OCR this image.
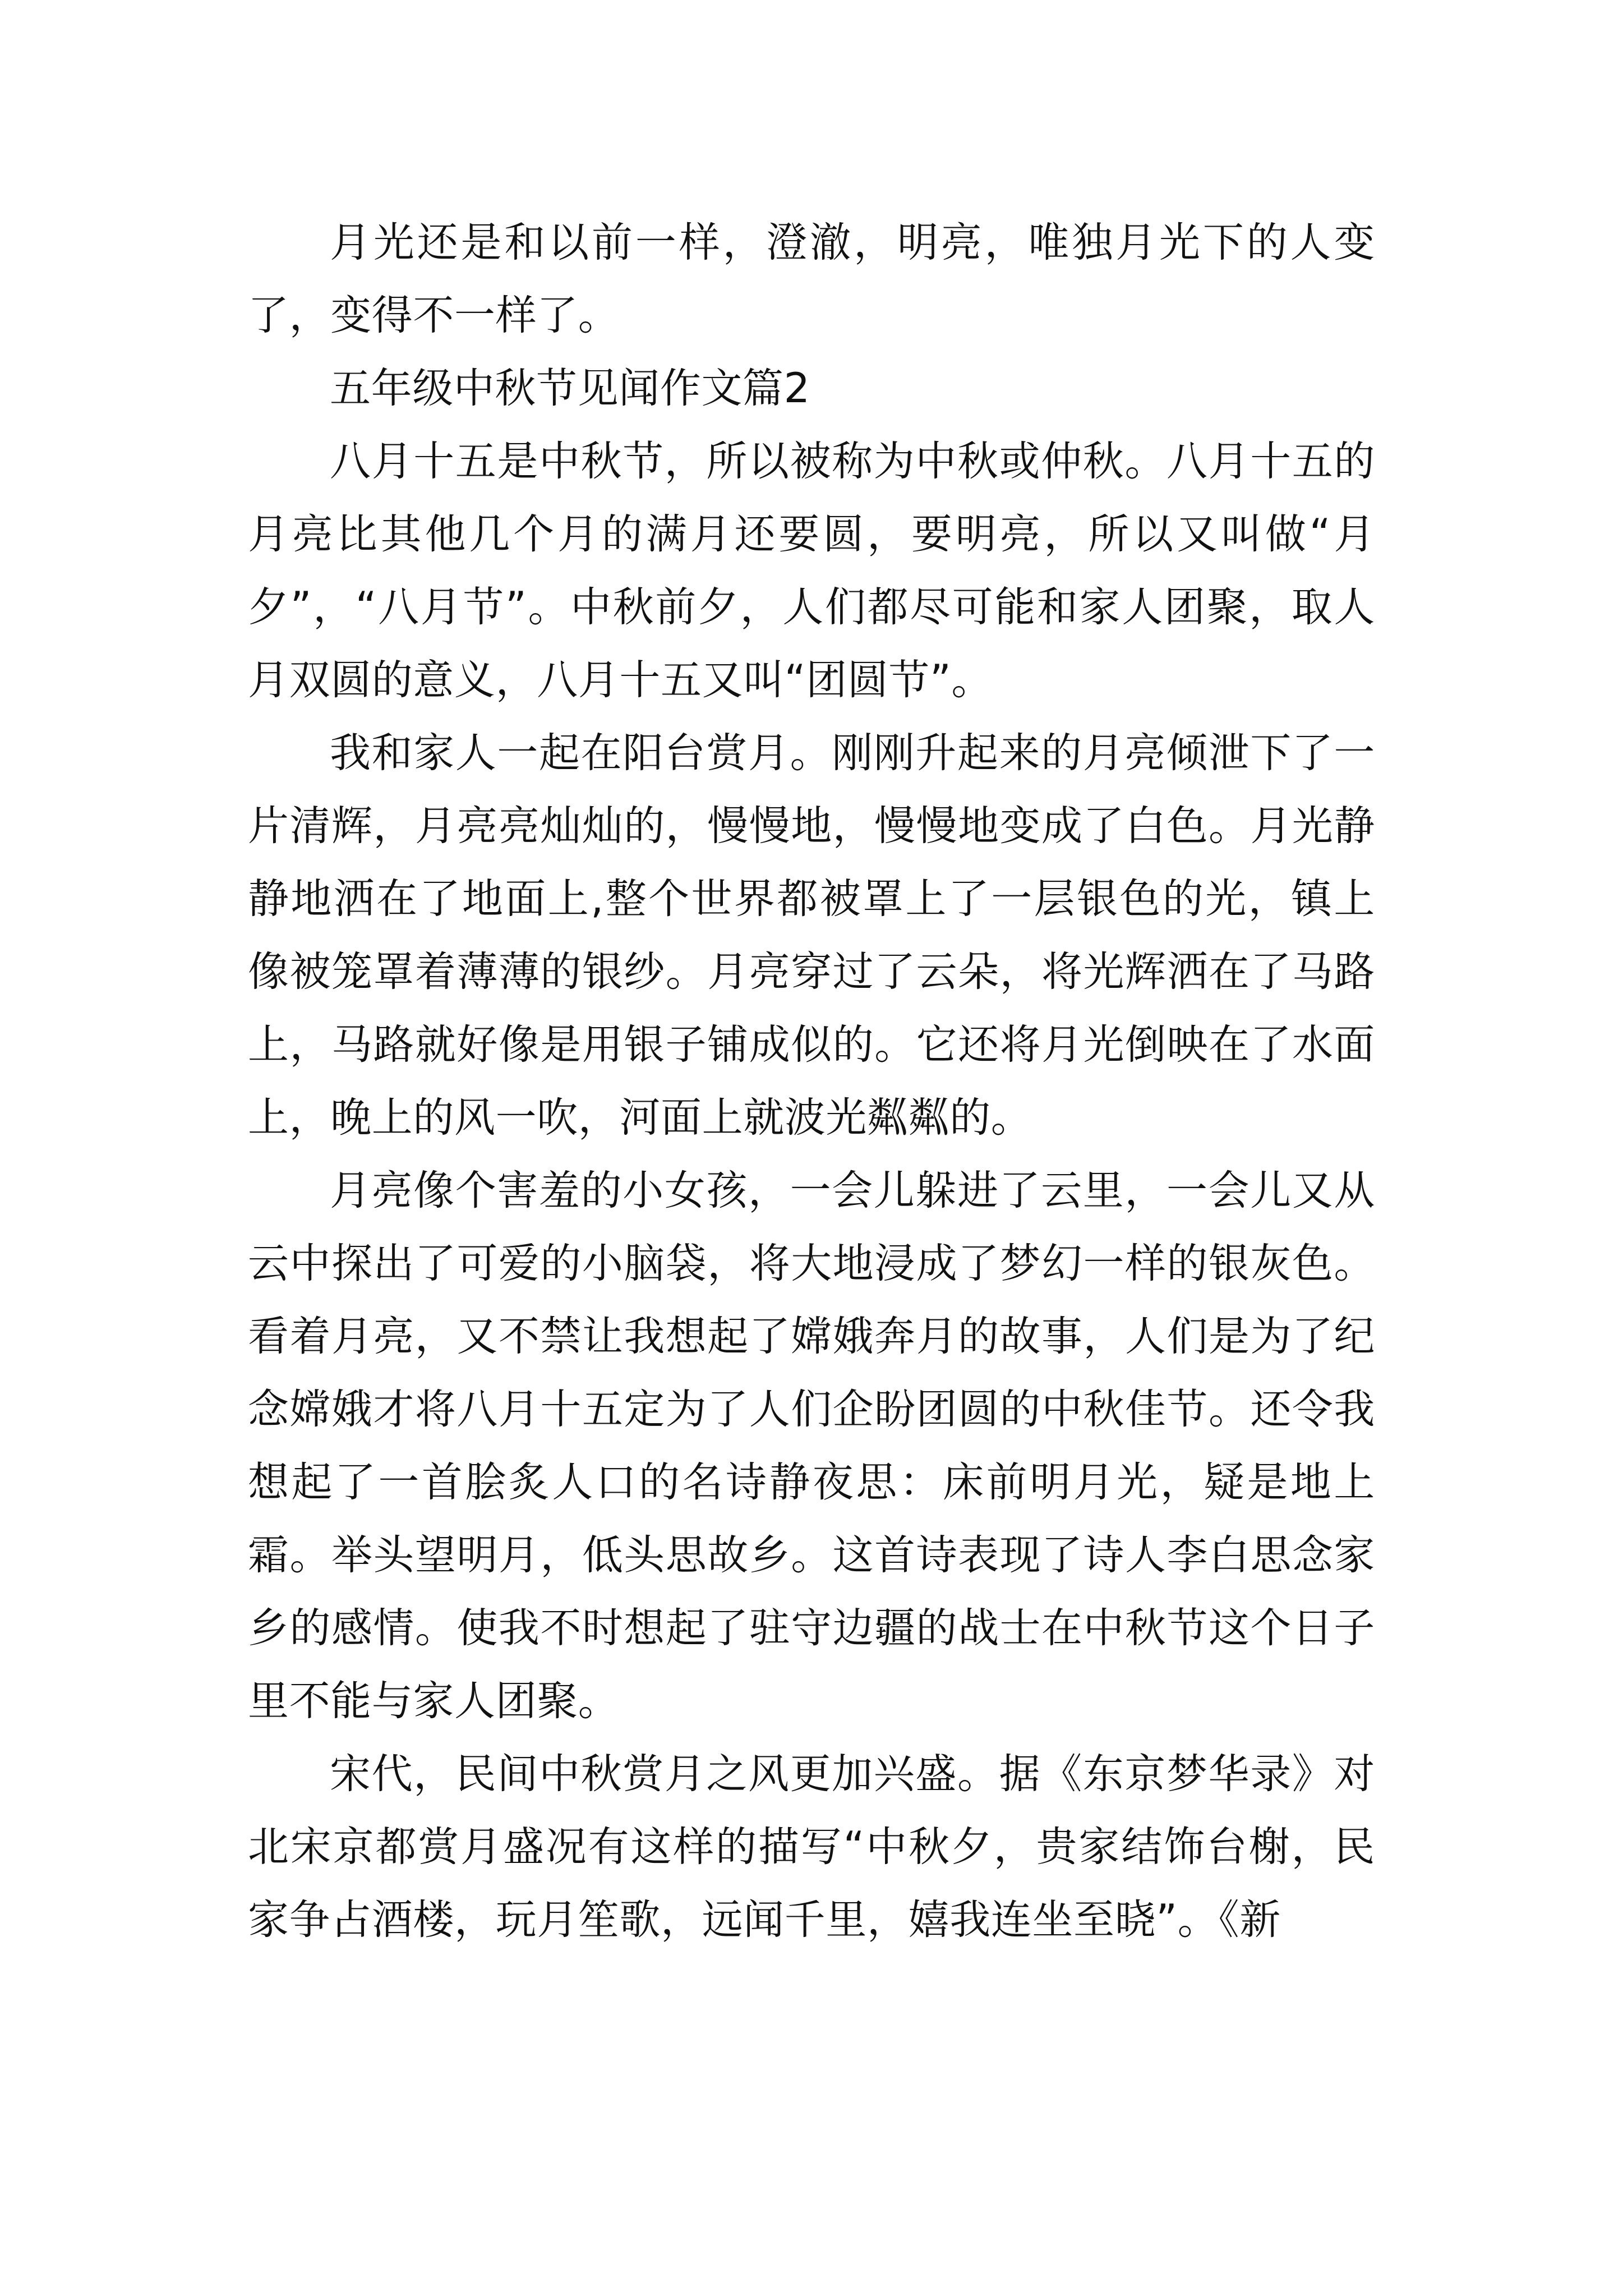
月光还是和以前一样，澄澈，明亮，唯独月光下的人变了，变得不一样了。

五年级中秋节见闻作文篇2

八月十五是中秋节，所以被称为中秋或仲秋。八月十五的月亮比其他几个月的满月还要圆，要明亮，所以又叫做“月夕”，“八月节”。中秋前夕，人们都尽可能和家人团聚，取人月双圆的意义，八月十五又叫“团圆节”。

我和家人一起在阳台赏月。刚刚升起来的月亮倾泄下了一片清辉，月亮亮灿灿的，慢慢地，慢慢地变成了白色。月光静静地洒在了地面上,整个世界都被罩上了一层银色的光，镇上像被笼罩着薄薄的银纱。月亮穿过了云朵，将光辉洒在了马路上，马路就好像是用银子铺成似的。它还将月光倒映在了水面上，晚上的风一吹，河面上就波光粼粼的。

月亮像个害羞的小女孩，一会儿躲进了云里，一会儿又从云中探出了可爱的小脑袋，将大地浸成了梦幻一样的银灰色。看着月亮，又不禁让我想起了嫦娥奔月的故事，人们是为了纪念嫦娥才将八月十五定为了人们企盼团圆的中秋佳节。还令我想起了一首脍炙人口的名诗静夜思：床前明月光，疑是地上霜。举头望明月，低头思故乡。这首诗表现了诗人李白思念家乡的感情。使我不时想起了驻守边疆的战士在中秋节这个日子里不能与家人团聚。

宋代，民间中秋赏月之风更加兴盛。据《东京梦华录》对北宋京都赏月盛况有这样的描写“中秋夕，贵家结饰台榭，民家争占酒楼，玩月笙歌，远闻千里，嬉我连坐至晓”。《新
